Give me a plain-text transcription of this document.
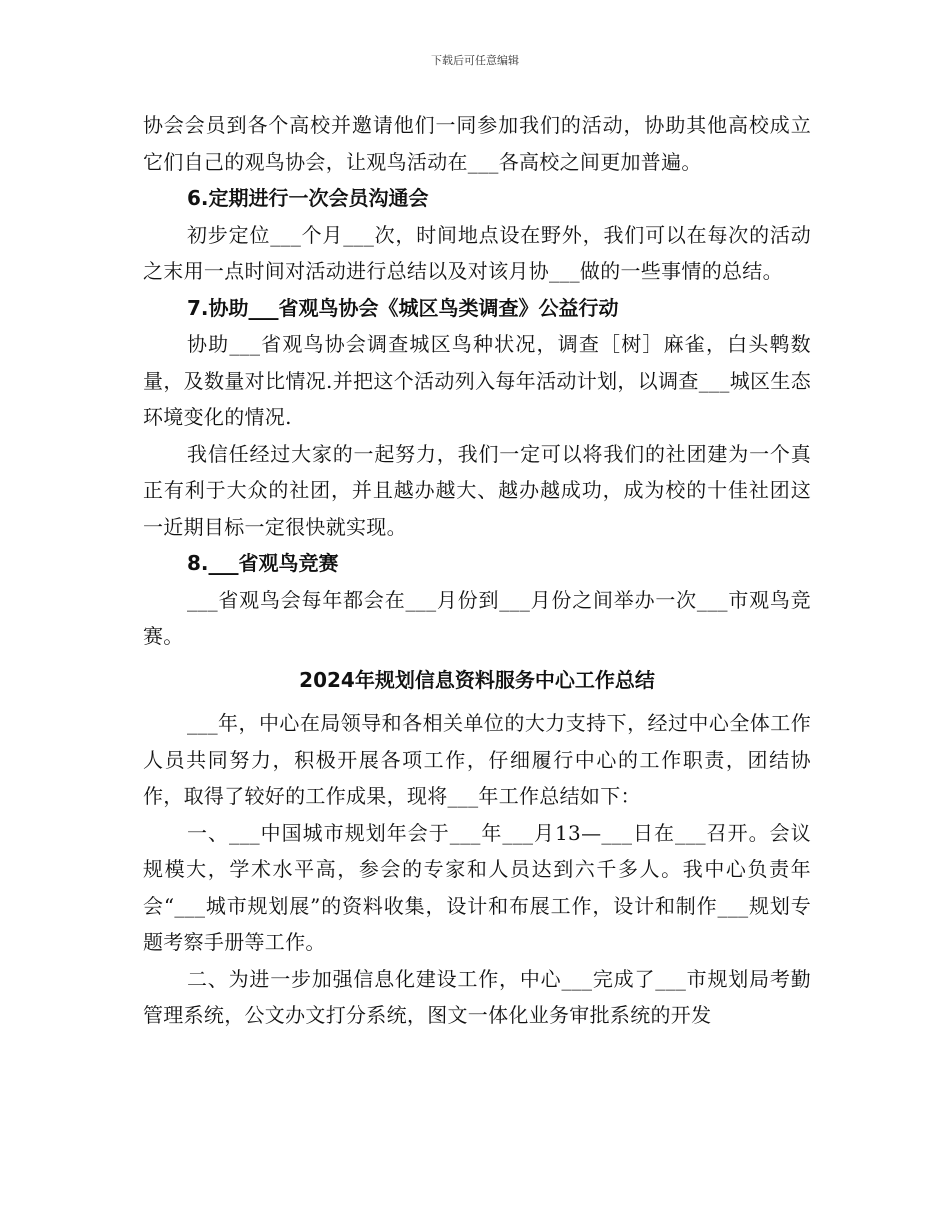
下载后可任意编辑

协会会员到各个高校并邀请他们一同参加我们的活动，协助其他高校成立它们自己的观鸟协会，让观鸟活动在___各高校之间更加普遍。

6.定期进行一次会员沟通会

初步定位___个月___次，时间地点设在野外，我们可以在每次的活动之末用一点时间对活动进行总结以及对该月协___做的一些事情的总结。

7.协助___省观鸟协会《城区鸟类调查》公益行动

协助___省观鸟协会调查城区鸟种状况，调查［树］麻雀，白头鹎数量，及数量对比情况.并把这个活动列入每年活动计划，以调查___城区生态环境变化的情况.

我信任经过大家的一起努力，我们一定可以将我们的社团建为一个真正有利于大众的社团，并且越办越大、越办越成功，成为校的十佳社团这一近期目标一定很快就实现。

8.___省观鸟竞赛

___省观鸟会每年都会在___月份到___月份之间举办一次___市观鸟竞赛。

2024年规划信息资料服务中心工作总结

___年，中心在局领导和各相关单位的大力支持下，经过中心全体工作人员共同努力，积极开展各项工作，仔细履行中心的工作职责，团结协作，取得了较好的工作成果，现将___年工作总结如下：

一、___中国城市规划年会于___年___月13—___日在___召开。会议规模大，学术水平高，参会的专家和人员达到六千多人。我中心负责年会“___城市规划展”的资料收集，设计和布展工作，设计和制作___规划专题考察手册等工作。

二、为进一步加强信息化建设工作，中心___完成了___市规划局考勤管理系统，公文办文打分系统，图文一体化业务审批系统的开发
